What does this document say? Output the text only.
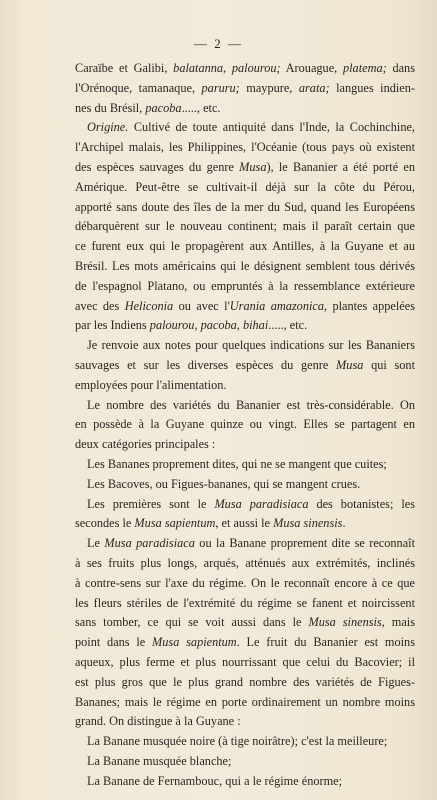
— 2 —
Caraïbe et Galibi, balatanna, palourou; Arouague, platema; dans
l'Orénoque, tamanaque, paruru; maypure, arata; langues indien-
nes du Brésil, pacoba....., etc.
Origine. Cultivé de toute antiquité dans l'Inde, la Cochinchine,
l'Archipel malais, les Philippines, l'Océanie (tous pays où existent
des espèces sauvages du genre Musa), le Bananier a été porté en
Amérique. Peut-être se cultivait-il déjà sur la côte du Pérou,
apporté sans doute des îles de la mer du Sud, quand les Européens
débarquèrent sur le nouveau continent; mais il paraît certain que
ce furent eux qui le propagèrent aux Antilles, à la Guyane et au
Brésil. Les mots américains qui le désignent semblent tous dérivés
de l'espagnol Platano, ou empruntés à la ressemblance extérieure
avec des Heliconia ou avec l'Urania amazonica, plantes appelées
par les Indiens palourou, pacoba, bihai....., etc.
Je renvoie aux notes pour quelques indications sur les Bananiers
sauvages et sur les diverses espèces du genre Musa qui sont
employées pour l'alimentation.
Le nombre des variétés du Bananier est très-considérable. On
en possède à la Guyane quinze ou vingt. Elles se partagent en
deux catégories principales :
Les Bananes proprement dites, qui ne se mangent que cuites;
Les Bacoves, ou Figues-bananes, qui se mangent crues.
Les premières sont le Musa paradisiaca des botanistes; les
secondes le Musa sapientum, et aussi le Musa sinensis.
Le Musa paradisiaca ou la Banane proprement dite se reconnaît
à ses fruits plus longs, arqués, atténués aux extrémités, inclinés
à contre-sens sur l'axe du régime. On le reconnaît encore à ce que
les fleurs stériles de l'extrémité du régime se fanent et noircissent
sans tomber, ce qui se voit aussi dans le Musa sinensis, mais
point dans le Musa sapientum. Le fruit du Bananier est moins
aqueux, plus ferme et plus nourrissant que celui du Bacovier; il
est plus gros que le plus grand nombre des variétés de Figues-
Bananes; mais le régime en porte ordinairement un nombre moins
grand. On distingue à la Guyane :
La Banane musquée noire (à tige noirâtre); c'est la meilleure;
La Banane musquée blanche;
La Banane de Fernambouc, qui a le régime énorme;
